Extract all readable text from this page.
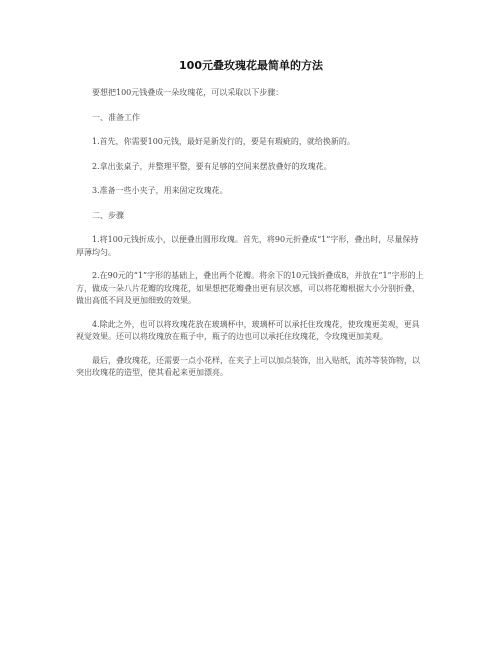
100元叠玫瑰花最简单的方法

要想把100元钱叠成一朵玫瑰花，可以采取以下步骤：

一、准备工作

1.首先，你需要100元钱，最好是新发行的，要是有瑕疵的，就给换新的。

2.拿出张桌子，并整理平整，要有足够的空间来摆放叠好的玫瑰花。

3.准备一些小夹子，用来固定玫瑰花。

二、步骤

1.将100元钱折成小，以便叠出圆形玫瑰。首先，将90元折叠成“1”字形，叠出时，尽量保持厚薄均匀。

2.在90元的“1”字形的基础上，叠出两个花瓣。将余下的10元钱折叠成8，并放在“1”字形的上方，做成一朵八片花瓣的玫瑰花，如果想把花瓣叠出更有层次感，可以将花瓣根据大小分别折叠，做出高低不同及更加细致的效果。

4.除此之外，也可以将玫瑰花放在玻璃杯中，玻璃杯可以承托住玫瑰花，使玫瑰更美观，更具视觉效果。还可以将玫瑰放在瓶子中，瓶子的边也可以承托住玫瑰花，令玫瑰更加美观。

最后，叠玫瑰花，还需要一点小花样，在夹子上可以加点装饰，出入贴纸，流苏等装饰物，以突出玫瑰花的造型，使其看起来更加漂亮。
